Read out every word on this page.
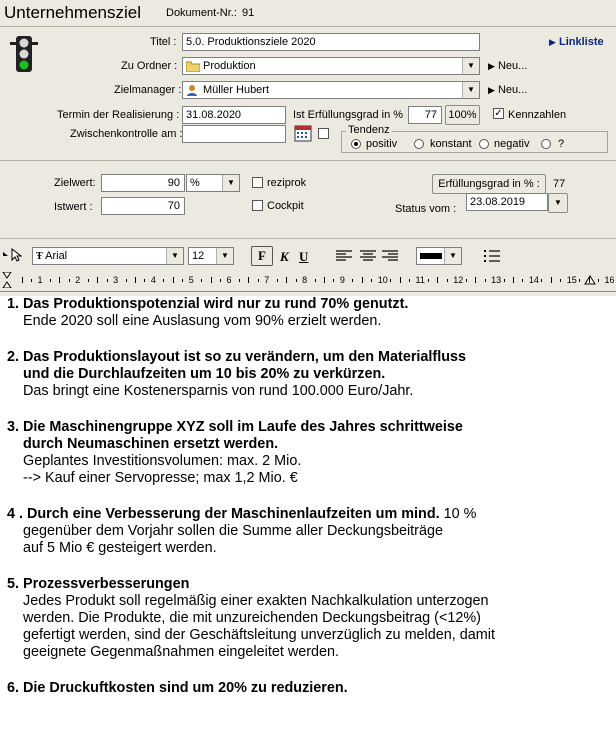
Unternehmensziel Dokument-Nr.: 91
Titel : 5.0. Produktionsziele 2020	▶ Linkliste
Zu Ordner :	Produktion	▼	▶ Neu...
Zielmanager :	Müller Hubert	▼	▶ Neu...
Termin der Realisierung : 31.08.2020	Ist Erfüllungsgrad in %	77	100%	✓ Kennzahlen
Zwischenkontrolle am :	Tendenz
positiv	konstant negativ	?
Zielwert:	90 %	▼	reziprok	Erfüllungsgrad in % :	77
Istwert :	70	Cockpit	Status vom :
23.08.2019	▼
Ŧ Arial	▼	12	▼	F	K U	▼
1	2	3	4	5	6	7	8	9	10	11	12	13	14	15	16
1. Das Produktionspotenzial wird nur zu rund 70% genutzt.
Ende 2020 soll eine Auslasung vom 90% erzielt werden.
2. Das Produktionslayout ist so zu verändern, um den Materialfluss
und die Durchlaufzeiten um 10 bis 20% zu verkürzen.
Das bringt eine Kostenersparnis von rund 100.000 Euro/Jahr.
3. Die Maschinengruppe XYZ soll im Laufe des Jahres schrittweise
durch Neumaschinen ersetzt werden.
Geplantes Investitionsvolumen: max. 2 Mio.
--> Kauf einer Servopresse; max 1,2 Mio. €
4 . Durch eine Verbesserung der Maschinenlaufzeiten um mind. 10 %
gegenüber dem Vorjahr sollen die Summe aller Deckungsbeiträge
auf 5 Mio € gesteigert werden.
5. Prozessverbesserungen
Jedes Produkt soll regelmäßig einer exakten Nachkalkulation unterzogen
werden. Die Produkte, die mit unzureichenden Deckungsbeitrag (<12%)
gefertigt werden, sind der Geschäftsleitung unverzüglich zu melden, damit
geeignete Gegenmaßnahmen eingeleitet werden.
6. Die Druckuftkosten sind um 20% zu reduzieren.
